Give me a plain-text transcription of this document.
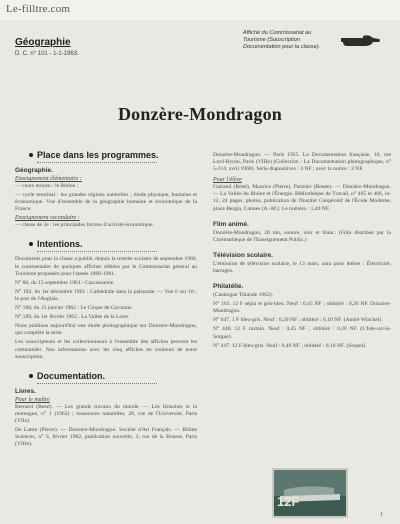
Le-filltre.com
Géographie
D. C. n° 101 - 1-1-1963.
Affiché du Commissariat au Tourisme (Souscription Documentation pour la classe).
Donzère-Mondragon
Place dans les programmes.
Géographie.
Enseignement élémentaire :

— cours moyen : le Rhône ;

— cycle terminal : les grandes régions naturelles ; étude physique, humaine et économique. Vue d'ensemble de la géographie humaine et économique de la France.

Enseignement secondaire :

— classe de 3e : les principales formes d'activité économique.

Intentions.

Documents pour la classe a publié, depuis la rentrée scolaire de septembre 1960, le commentaire de quelques affiches éditées par le Commissariat général au Tourisme proposées pour l'année 1960-1961.

N° 86, du 15 septembre 1961 : Carcassonne.

N° 102, du 1er décembre 1961 : Cathédrale dans la palissade. — Vue 6 sur 18 ; le port de l'Anglais.

N° 108, du 15 janvier 1962 : Le Cirque de Gavarnie.

N° 109, du 1er février 1962 : La Vallée de la Loire.

Nous publions aujourd'hui une étude photographique sur Donzère-Mondragon, qui complète la série.

Les souscripteurs et les collectionneurs à l'ensemble des affiches peuvent les commander. Nos informations avec les cinq affiches en couleurs de notre souscription.

Documentation.
Livres.
Pour le maître

Bernard (René). — Les grands travaux du monde. — Les Houches et la montagne, n° 1 (1962) ; ressources naturelles, 28, rue de l'Université, Paris (VIIe).

De Lattre (Pierre). — Donzère-Mondragon. Société d'Art Français. — Rhône Sciences, n° 3, février 1962, publication nouvelle, 3, rue de la Bourse, Paris (VIIIe).

Donzère-Mondragon. — Paris 1955. La Documentation française, 16, rue Lord-Byron, Paris (VIIIe) (Collection : La Documentation photographique, n° 5-214, avril 1960). Série diapositives : 4 NF ; avec la notice : 2 NF.

Pour l'élève

Guiraud (René), Maurice (Pierre), Parmier (Renée). — Donzère-Mondragon. — La Vallée du Rhône et l'Énergie. Bibliothèque de Travail, n° 465 et 466, in-12, 24 pages, photos, publication de l'Institut Coopératif de l'École Moderne, place Bergia, Cannes (A.-M.). Le numéro : 1,40 NF.

Film animé.

Donzère-Mondragon, 20 mn, sonore, noir et blanc. (Film distribué par la Cinémathèque de l'Enseignement Public.)

Télévision scolaire.

L'émission de télévision scolaire, le 13 mars, aura pour thème : Électricité, barrages.

Philatélie.

(Catalogue Thiaude 1962).

N° 163. 12 F sépia et gris-bleu. Neuf : 0,45 NF ; oblitéré : 0,20 NF. Donzère-Mondragon.

N° 647. 1 F bleu-gris. Neuf : 0,20 NF ; oblitéré : 0,10 NF. (André Winckel).

N° 448. 12 F carmin. Neuf : 0,45 NF ; oblitéré : 0,20 NF. (L'Isle-sur-la-Sorgue).

N° 447. 12 F bleu-gris. Neuf : 0,40 NF ; oblitéré : 0,10 NF. (Sospel).

12F
1
